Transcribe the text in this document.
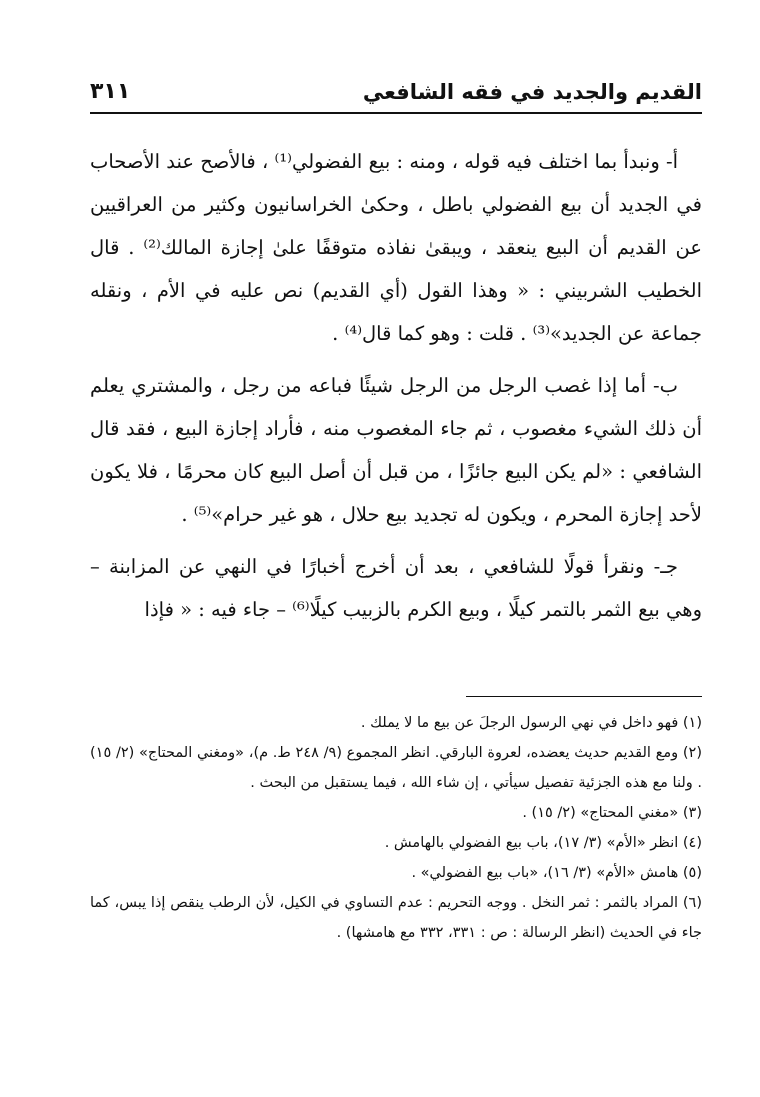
القديم والجديد في فقه الشافعي
٣١١

أ- ونبدأ بما اختلف فيه قوله ، ومنه : بيع الفضولي⁽¹⁾ ، فالأصح عند الأصحاب في الجديد أن بيع الفضولي باطل ، وحكىٰ الخراسانيون وكثير من العراقيين عن القديم أن البيع ينعقد ، ويبقىٰ نفاذه متوقفًا علىٰ إجازة المالك⁽²⁾ . قال الخطيب الشربيني : « وهذا القول (أي القديم) نص عليه في الأم ، ونقله جماعة عن الجديد»⁽³⁾ . قلت : وهو كما قال⁽⁴⁾ .

ب- أما إذا غصب الرجل من الرجل شيئًا فباعه من رجل ، والمشتري يعلم أن ذلك الشيء مغصوب ، ثم جاء المغصوب منه ، فأراد إجازة البيع ، فقد قال الشافعي : «لم يكن البيع جائزًا ، من قبل أن أصل البيع كان محرمًا ، فلا يكون لأحد إجازة المحرم ، ويكون له تجديد بيع حلال ، هو غير حرام»⁽⁵⁾ .

جـ- ونقرأ قولًا للشافعي ، بعد أن أخرج أخبارًا في النهي عن المزابنة – وهي بيع الثمر بالتمر كيلًا ، وبيع الكرم بالزبيب كيلًا⁽⁶⁾ – جاء فيه : « فإذا

(١) فهو داخل في نهي الرسول الرجلَ عن بيع ما لا يملك .

(٢) ومع القديم حديث يعضده، لعروة البارقي. انظر المجموع (٩/ ٢٤٨ ط. م)، «ومغني المحتاج» (٢/ ١٥) . ولنا مع هذه الجزئية تفصيل سيأتي ، إن شاء الله ، فيما يستقبل من البحث .

(٣) «مغني المحتاج» (٢/ ١٥) .

(٤) انظر «الأم» (٣/ ١٧)، باب بيع الفضولي بالهامش .

(٥) هامش «الأم» (٣/ ١٦)، «باب بيع الفضولي» .

(٦) المراد بالثمر : ثمر النخل . ووجه التحريم : عدم التساوي في الكيل، لأن الرطب ينقص إذا يبس، كما جاء في الحديث (انظر الرسالة : ص : ٣٣١، ٣٣٢ مع هامشها) .
